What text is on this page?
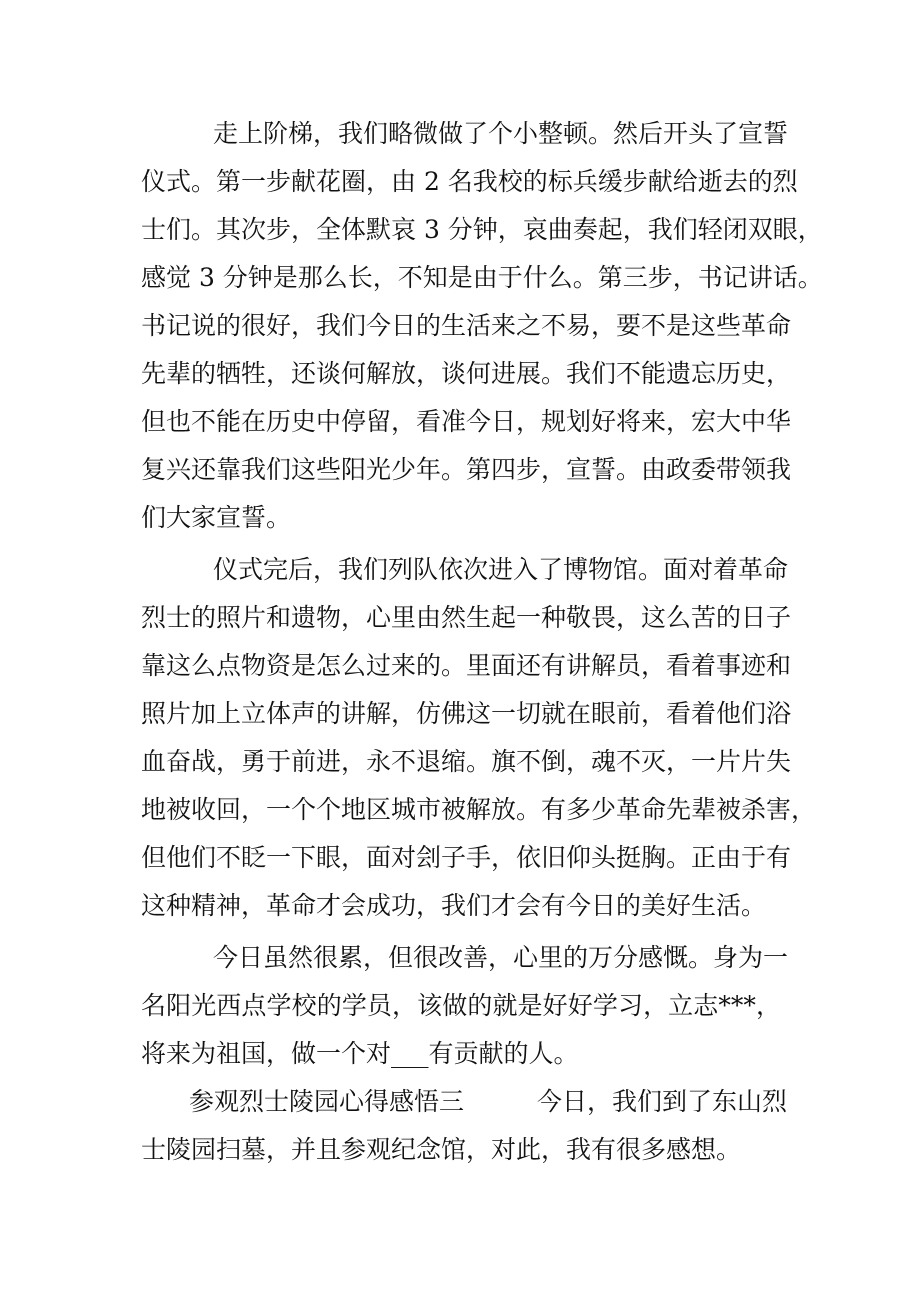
走上阶梯，我们略微做了个小整顿。然后开头了宣誓
仪式。第一步献花圈，由 2 名我校的标兵缓步献给逝去的烈
士们。其次步，全体默哀 3 分钟，哀曲奏起，我们轻闭双眼，
感觉 3 分钟是那么长，不知是由于什么。第三步，书记讲话。
书记说的很好，我们今日的生活来之不易，要不是这些革命
先辈的牺牲，还谈何解放，谈何进展。我们不能遗忘历史，
但也不能在历史中停留，看准今日，规划好将来，宏大中华
复兴还靠我们这些阳光少年。第四步，宣誓。由政委带领我
们大家宣誓。
仪式完后，我们列队依次进入了博物馆。面对着革命
烈士的照片和遗物，心里由然生起一种敬畏，这么苦的日子
靠这么点物资是怎么过来的。里面还有讲解员，看着事迹和
照片加上立体声的讲解，仿佛这一切就在眼前，看着他们浴
血奋战，勇于前进，永不退缩。旗不倒，魂不灭，一片片失
地被收回，一个个地区城市被解放。有多少革命先辈被杀害，
但他们不眨一下眼，面对刽子手，依旧仰头挺胸。正由于有
这种精神，革命才会成功，我们才会有今日的美好生活。
今日虽然很累，但很改善，心里的万分感慨。身为一
名阳光西点学校的学员，该做的就是好好学习，立志***，
将来为祖国，做一个对___有贡献的人。
参观烈士陵园心得感悟三	今日，我们到了东山烈
士陵园扫墓，并且参观纪念馆，对此，我有很多感想。
